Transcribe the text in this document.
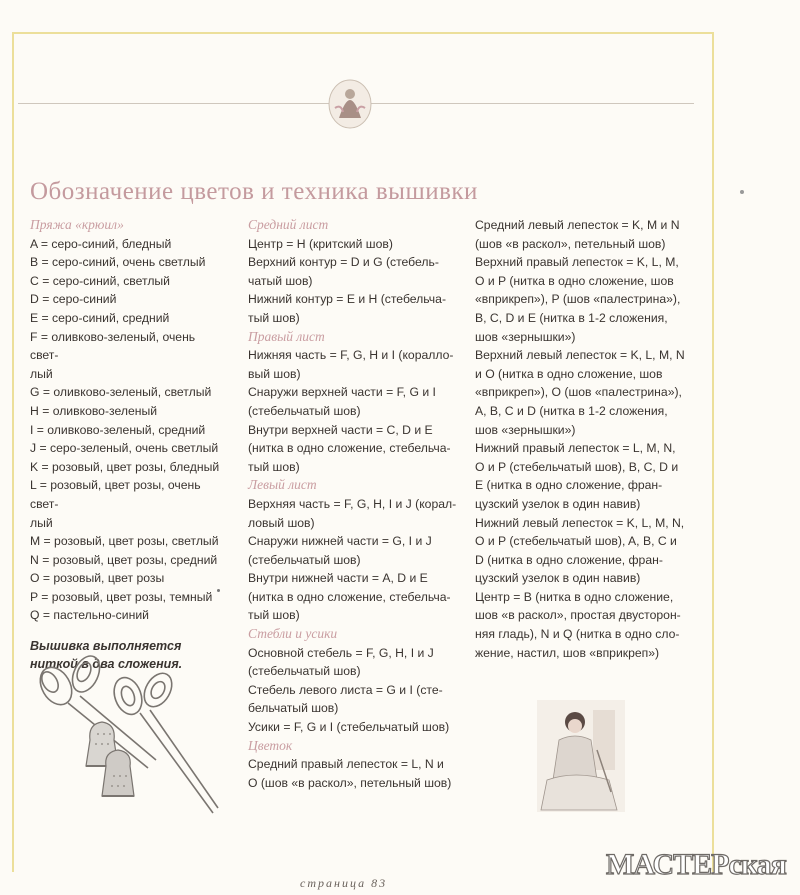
Обозначение цветов и техника вышивки

Пряжа «крюил»

A = серо-синий, бледный

B = серо-синий, очень светлый

C = серо-синий, светлый

D = серо-синий

E = серо-синий, средний

F = оливково-зеленый, очень свет-

лый

G = оливково-зеленый, светлый

H = оливково-зеленый

I = оливково-зеленый, средний

J = серо-зеленый, очень светлый

K = розовый, цвет розы, бледный

L = розовый, цвет розы, очень свет-

лый

M = розовый, цвет розы, светлый

N = розовый, цвет розы, средний

O = розовый, цвет розы

P = розовый, цвет розы, темный

Q = пастельно-синий

Вышивка выполняется

ниткой в два сложения.

Средний лист

Центр = H (критский шов)

Верхний контур = D и G (стебель-

чатый шов)

Нижний контур = E и H (стебельча-

тый шов)

Правый лист

Нижняя часть = F, G, H и I (коралло-

вый шов)

Снаружи верхней части = F, G и I

(стебельчатый шов)

Внутри верхней части = C, D и E

(нитка в одно сложение, стебельча-

тый шов)

Левый лист

Верхняя часть = F, G, H, I и J (корал-

ловый шов)

Снаружи нижней части = G, I и J

(стебельчатый шов)

Внутри нижней части = A, D и E

(нитка в одно сложение, стебельча-

тый шов)

Стебли и усики

Основной стебель = F, G, H, I и J

(стебельчатый шов)

Стебель левого листа = G и I (сте-

бельчатый шов)

Усики = F, G и I (стебельчатый шов)

Цветок

Средний правый лепесток = L, N и

O (шов «в раскол», петельный шов)

Средний левый лепесток = K, M и N

(шов «в раскол», петельный шов)

Верхний правый лепесток = K, L, M,

O и P (нитка в одно сложение, шов

«вприкреп»), P (шов «палестрина»),

B, C, D и E (нитка в 1-2 сложения,

шов «зернышки»)

Верхний левый лепесток = K, L, M, N

и O (нитка в одно сложение, шов

«вприкреп»), O (шов «палестрина»),

A, B, C и D (нитка в 1-2 сложения,

шов «зернышки»)

Нижний правый лепесток = L, M, N,

O и P (стебельчатый шов), B, C, D и

E (нитка в одно сложение, фран-

цузский узелок в один навив)

Нижний левый лепесток = K, L, M, N,

O и P (стебельчатый шов), A, B, C и

D (нитка в одно сложение, фран-

цузский узелок в один навив)

Центр = B (нитка в одно сложение,

шов «в раскол», простая двусторон-

няя гладь), N и Q (нитка в одно сло-

жение, настил, шов «вприкреп»)

страница 83
МАСТЕРская
